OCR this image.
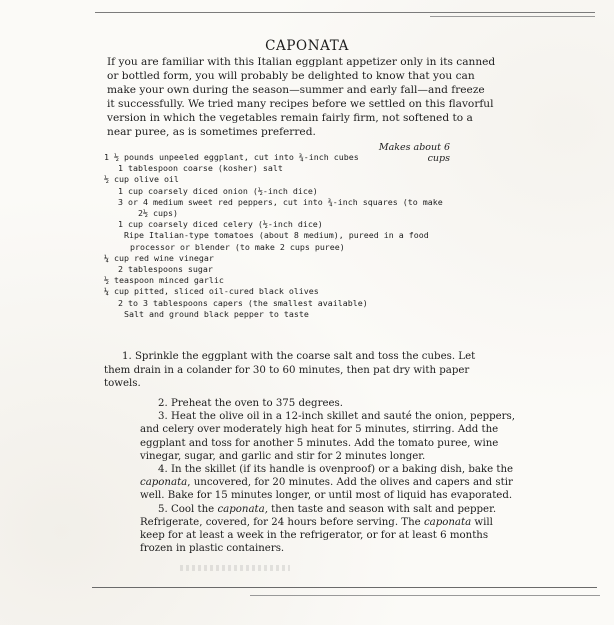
CAPONATA
If you are familiar with this Italian eggplant appetizer only in its canned
or bottled form, you will probably be delighted to know that you can
make your own during the season—summer and early fall—and freeze
it successfully. We tried many recipes before we settled on this flavorful
version in which the vegetables remain fairly firm, not softened to a
near puree, as is sometimes preferred.
Makes about 6 cups
1 ½ pounds unpeeled eggplant, cut into ¾-inch cubes
1 tablespoon coarse (kosher) salt
½ cup olive oil
1 cup coarsely diced onion (½-inch dice)
3 or 4 medium sweet red peppers, cut into ¾-inch squares (to make
2½ cups)
1 cup coarsely diced celery (½-inch dice)
Ripe Italian-type tomatoes (about 8 medium), pureed in a food
processor or blender (to make 2 cups puree)
¼ cup red wine vinegar
2 tablespoons sugar
½ teaspoon minced garlic
¼ cup pitted, sliced oil-cured black olives
2 to 3 tablespoons capers (the smallest available)
Salt and ground black pepper to taste
1. Sprinkle the eggplant with the coarse salt and toss the cubes. Let
them drain in a colander for 30 to 60 minutes, then pat dry with paper
towels.
2. Preheat the oven to 375 degrees.
3. Heat the olive oil in a 12-inch skillet and sauté the onion, peppers,
and celery over moderately high heat for 5 minutes, stirring. Add the
eggplant and toss for another 5 minutes. Add the tomato puree, wine
vinegar, sugar, and garlic and stir for 2 minutes longer.
4. In the skillet (if its handle is ovenproof) or a baking dish, bake the
caponata, uncovered, for 20 minutes. Add the olives and capers and stir
well. Bake for 15 minutes longer, or until most of liquid has evaporated.
5. Cool the caponata, then taste and season with salt and pepper.
Refrigerate, covered, for 24 hours before serving. The caponata will
keep for at least a week in the refrigerator, or for at least 6 months
frozen in plastic containers.
